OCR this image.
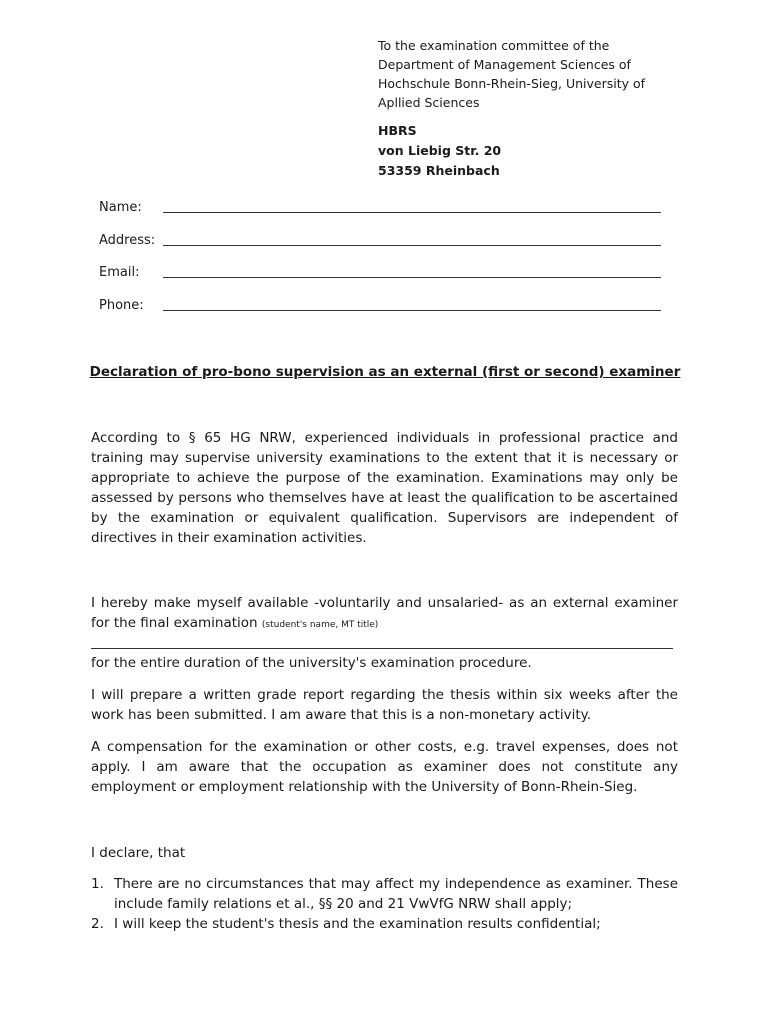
To the examination committee of the
Department of Management Sciences of
Hochschule Bonn-Rhein-Sieg, University of
Apllied Sciences
HBRS
von Liebig Str. 20
53359 Rheinbach
Name:
Address:
Email:
Phone:
Declaration of pro-bono supervision as an external (first or second) examiner
According to § 65 HG NRW, experienced individuals in professional practice and training may supervise university examinations to the extent that it is necessary or appropriate to achieve the purpose of the examination. Examinations may only be assessed by persons who themselves have at least the qualification to be ascertained by the examination or equivalent qualification. Supervisors are independent of directives in their examination activities.
I hereby make myself available -voluntarily and unsalaried- as an external examiner for the final examination (student's name, MT title)
for the entire duration of the university's examination procedure.
I will prepare a written grade report regarding the thesis within six weeks after the work has been submitted. I am aware that this is a non-monetary activity.
A compensation for the examination or other costs, e.g. travel expenses, does not apply. I am aware that the occupation as examiner does not constitute any employment or employment relationship with the University of Bonn-Rhein-Sieg.
I declare, that
1. There are no circumstances that may affect my independence as examiner. These include family relations et al., §§ 20 and 21 VwVfG NRW shall apply;
2. I will keep the student's thesis and the examination results confidential;
